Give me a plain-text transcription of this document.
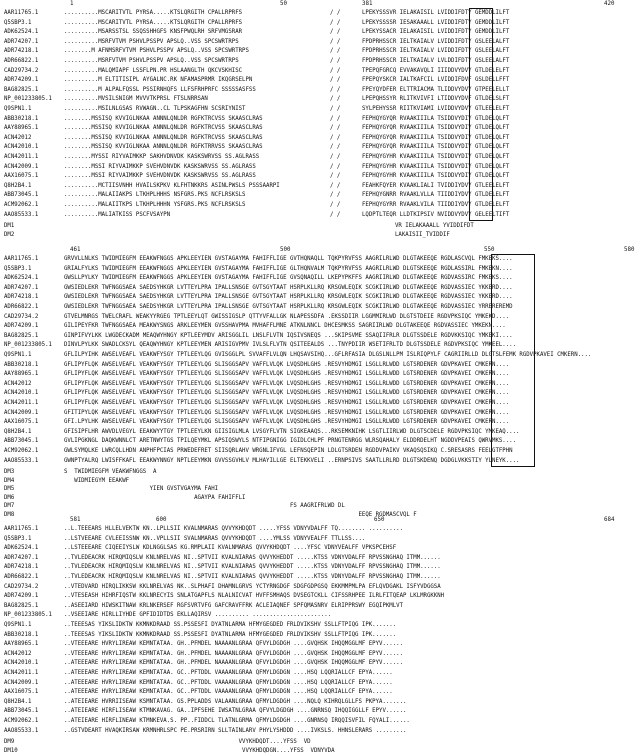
1	50	381	420
AAR11765.1	..........MSCARITVTL PYRSA.....KTSLQRGITH CPALLRPRFS	/ /	LPEKYSSSVR IELAKAISIL LVIDDIFDTY GEMDDLILFT
Q5SBP3.1	..........MSCARITVTL PYRSA.....KTSLQRGITH CPALLRPRFS	/ /	LPEKYSSSSR IESAKAAALL LVIDDIFDTY GEMDDLILFT
ADK62524.1	..........MSARSSTSL SSQSSHHGFS KNSFPWQLRH SRFVMGSRAR	/ /	LPEKYSSACR IELAKAISIL LVIDDIFDTY GEMDDLILFT
ADR74207.1	..........MSRFVTVM PSHVLPSSPV APSLQ..VSS SPCSWRTRPS	/ /	FPDPRHSSCR IELTKAIALV LVIDDIFDTY GSLEELALFT
ADR74218.1	........M AFNMSRFVTVM PSHVLPSSPV APSLQ..VSS SPCSWRTRPS	/ /	FPDPRHSSCR IELTKAIALV LVIDDIFDTY GSLEELALFT
ADR66822.1	..........MSRFVTVM PSHVLPSSPV APSLQ..VSS SPCSWRTRPS	/ /	FPDPRHSSCR IELTKAIALV LVLDDIFDTY GSLEELALFT
CAD29734.2	..........MALQMIAPF LSSFLPN.PR HSLAANGLTH QKCVSKHISC	/ /	TPEPQFGRCQ EVVAKAVQLI IIIDDVYDVY GTLDELELFT
ADR74209.1	..........M ELTITISIPL AYGALNC.RK NFAMASPRMR IKQGRSELPN	/ /	FPEPQYSKCR IALTKAFCIL LVIDDIFDVF GSLDELLFFT
BAG82825.1	..........M ALPALFQSSL PSSIRNHQFS LLFSFRHPRFC SSSSSASFSS	/ /	FPEYQYDFER ELTTRIACMA TLIDDVYDVY GTPEELELLT
NP_001233805.1 ..........MVSILSNIGM MVVVTKPRSL FTSLNRRSAN	/ /	LPEPQHSSYR RLITKVIVFI LTIDDVYDVF GTLDELSLFT
Q9SPN1.1	..........MSILNLGSAS RVWAGN..CL TLPSKAGFHN SCSRIYNIST	/ /	SYLPEHYSSR RIITKVIAMI LVIDDVYDVY GTLEELELFT
ABB30218.1	........MSSISQ KVVIGLNKAA ANNNLQNLDR RGFKTRCVSS SKAASCLRAS	/ /	FEPHQYGYQR RVAAKIIILA TSIDDVYDIY GTLDELQLFT
AAY88965.1	........MSSISQ KVVIGLNKAA ANNNLQNLDR RGFKTRCVSS SKAASCLRAS	/ /	FEPHQYGYQR RVAAKIIILA TSIDDVYDIY GTLDELQLFT
ACN42012	........MSSISQ KVVIGLNKAA ANNNLQNLDR RGFKTRCVSS SKAASCLRAS	/ /	FEPHQYGYQR RVAAKIIILA TSIDDVYDIY GTLDELQLFT
ACN42010.1	........MSSISQ KVVIGLNKAA ANNNLQNLDR RGFKTRRVSS SKAASCLRAS	/ /	FEPHQYGYQR RVAAKIIILA TSIDDVYDIY GTLDELQLFT
ACN42011.1	........MYSSI RIYVAIMKKP SAKHVDNVDK KASKSWRVSS SS.AGLRASS	/ /	FEPHQYGYHR KVAAKIIILA TSIDDVYDIY GTLDELQLFT
ACN42009.1	........MSSI RIYVAIMKKP SVEHVDNVDK KASKSWRVSS SS.AGLRASS	/ /	FEPHQYGYHR KVAAKIIILA TSIDDVYDIY GTLDELQLFT
AAX16075.1	........MSSI RIYVAIMKKP SVEHVDNVDK KASKSWRVSS SS.AGLRASS	/ /	FEPHQYGYHR KVAAKIIILA TSIDDVYDIY GTLDELQLFT
Q8H2B4.1	..........MCTIISVNHH HVAILSKPKV KLFHTNKKRS ASINLPWSLS PSSSAARPI	/ /	FEAHKFQYER KVAAKLIALI TVIDDIYDVY GTLEELELFT
ABB73045.1	..........MALAIIAKPS LTKHPLHHHS NSFGRS.PKS NCFLRSKSLS	/ /	FEPHQYGNRR RVAAKLVLLA TIIDDIYDVY GTLDELELFT
ACM92062.1	..........MALAIITKPS LTKHPLHHHN YSFGRS.PKS NCFLRSKSLS	/ /	FEPHQYGYRR RVAAKLVILA TIIDDIYDVY GTLDELELFT
AAO85533.1	..........MALIATKISS PSCFVSAYPN	/ /	LQDPTLTEQR LLDTKIPSIV NVIDDVYDVY GELEELTIFT
DM1	VR IELAKAAALL YVIDDIFDT
DM2	LAKAISII_TVIDDIF
461	500	550	580
AAR11765.1	GRVVLLNLKS TWIDMIEGFM EEAKWFNGGS APKLEEYIEN GVSTAGAYMA FAHIFFLIGE GVTHQNAQLL TQKPYRVFSS AAGRILRLWD DLGTAKEEQE RGDLASCVQL FMKEKS....
Q5SBP3.1	GRIALFYLKS TWIDMIEGFM EEAKWFNGGS APKLEEYIEN GVSTAGAYMA FAHIFFLIGE GLTHQNVALM TQKPYRVFSS AAGRILRLWD DLGTSKEEQE RGDLASSIRL FMKEKN....
ADK62524.1	GWSLLPYLKY TWIDMIEGFM EEAKWFNGGS APKLEEYIEN GVSTAGAYMA FAHIFFLIGE GVSQNAQILL LKEPYPKFFS AAGRIIRLWD DLGTAKEEQE RGDVASSIRC FMKEKS....
ADR74207.1	GWSIEDLEKR TWFNGGSAEA SAEDSYHKGR LVTTEYLPRA IPALLSNSGE GVTSGYTAAT HSRPLKLLRQ KRSGWLEQIK SCGKIIRLWD DLGTAKEEQE RGDVASSIEC YKKERD....
ADR74218.1	GWSIEDLEKR TWFNGGSAEA SAEDSYHKGR LVTTEYLPRA IPALLSNSGE GVTSGYTAAT HSRPLKLLRQ KRSGWLEQIK SCGKIIRLWD DLGTAKEEQE RGDVASSIEC YKKERD....
ADR66822.1	GWSIEDLEKR TWFNGGSAEA SAEDSYHKGR LVTTEYLPRA IPALLSNSGE GVTSGYTAAT HSRPLKLLRQ KRSGWLEQIK SCGKIIRLWD DLGTAKEEQE RGDVASSIEC YRREREREMD
CAD29734.2	GTVELMNRGS TWELCRAFL WEAKYYRGEG TPTLEEYLQT GWISSIGSLP QTTYVFALLGK NLAPESSDFA .EKSSDIIR LGGMMIRLWD DLGTSTDEIE RGDVPKSIQC YMKEKD....
ADR74209.1	GILIPEYFKR TWFNGGSAEA MEAKWYSNGS ARKLEEYMEN GVSSHAVPMA MVHAFFLMNE ATKNLNNCL DHCESMKSS SAGRIIRLWD DLGTAKEEQE RGDVASSIEC YMKEKN....
BAG82825.1	GINPIFVYLKK LWGDECKADM MEAQWYHNGY KPTLEEYMDV ARISGGLIL LNSLFLVTN IQSIVSNEQS ...SKIPSVME SSAQIIFRLR DLGTSSDELE RGDVKKSIQC YMKEKI....
NP_001233805.1 DINVLPYLKK SWADLCKSYL QEAQWYHNGY KPTLEEYMEN ARISIGVPMV IVLSLFLVTN QSITEEALDS ...TNYPDIIR WSETIFRLTD DLGTSSDELE RGDVPKSIQC YMKEEL....
Q9SPN1.1	GFLILPYIHK AWSELVEAFL VEAKWFYSGY TPTLEEYLQG GVISGGLPL SVVAFFLVLQN LHQSAVSIHQ...GFLRFASIA DLGSLNLLPM ISLRIQPYLF CAGRIIRLLD DLGTSLFEMK RGDVPKAVEI CMKERN....
ABB30218.1	GFLIPYFLQK AWSELVEAFL VEAKWFYSGY TPTLEEYLQG SLISGGSAPV VAFFLVLQK LVQSDHLGHS .RESVYHDMGI LSGLLRLWDD LGTSRDENER GDVPKAVEI CMKERN....
AAY88965.1	GFLIPYFLQK AWSELVEAFL VEAKWFYSGY TPTLEEYLQG SLISGGSAPV VAFFLVLQK LVQSDHLGHS .RESVYHDMGI LSGLLRLWDD LGTSRDENER GDVPKAVEI CMKERN....
ACN42012	GFLIPYFLQK AWSELVEAFL VEAKWFYSGY TPTLEEYLQG SLISGGSAPV VAFFLVLQK LVQSDHLGHS .RESVYHDMGI LSGLLRLWDD LGTSRDENER GDVPKAVEI CMKERN....
ACN42010.1	GFLIPYFLQK AWSELVEAFL VEAKWFYSGY TPTLEEYLQG SLISGGSAPV VAFFLVLQK LVQSDHLGHS .RESVYHDMGI LSGLLRLWDD LGTSRDENER GDVPKAVEI CMKERN....
ACN42011.1	GFLIPYFLQK AWSELVEAFL VEAKWFYSGY TPTLEEYLQG SLISGGSAPV VAFFLVLQK LVQSDHLGHS .RESVYHDMGI LSGLLRLWDD LGTSRDENER GDVPKAVEI CMKERN....
ACN42009.1	GFITIPYLQK AWSELVEAFL VEAKWFYSGY TPTLEEYLQG SLISGGSAPV VAFFLVLQK LVQSDHLGHS .RESVYHDMGI LSGLLRLWDD LGTSRDENER GDVPKAVEI CMKERN....
AAX16075.1	GFI.LPYLHK AWSELVEAFL VEAKWFYSGY TPTLEEYLQG SLISGGSAPV VAFFLVLQK LVQSDHLGHS .RESVYHDMGI LSGLLRLWDD LGTSRDENER GDVPKAVEI CMKERN....
Q8H2B4.1	GFISIPFLHR AWVDLVEGYL EEAKWYYTGY TPTLEEYLKN GIISIGLMLA LVSGYFLVTN SIGKEAAQS...RKSEMKNIHK LSGTLIIRLWD DLGTSCDELE RGDVPKSIQC YMKEAQ....
ABB73045.1	GVLIPGKNGL DAQKWNNLCT ARETNWYTGS TPILQEYMKL APSIQSWYLS NTFIPGNIGG IGIDLCHLPF PRNGTENRGG WLRSQAHALY ELDDRDELHT NGDDVPEAIS QWRVMKS....
ACM92062.1	GWLSYMQLKE LWRCQLLHDN ANPHFPCIAS PRWEDEFRET SIISQRLAHV WRGNLIFVGL LEFNSQEPIN LDLGTSRDEN RGDDVPAIKV VKAQSQSIKQ C.SRESASRS FEELGTFPHN
AAO85533.1	GWNPTYALRQ LWISFFKAFL EEAKWYNNGY NPTLEEYMKN GVVSSGVHLV MLHAYILLGE ELTEKKVELI ..ERNPSIVS SAATLLRLRD DLGTSKDENQ DGDGLVKKSTIY YLNEYK....
DM3	S  TWIDMIEGFM VEAKWFNGGS  A
DM4	WIDMIEGYM EEAKWF
DM5	YIEN GVSTVGAYMA FAHI
DM6	AGAYPA FAHIFFLI
DM7	FS AAGRIFRLWD DL
DM8	EEQE RGDMASCVQL F
581	600	650	684
AAR11765.1	..L.TEEEARS HLLELVEKTW KN..LPLLSII KVALNMARAS QVVYKHDQDT .....YFSS VDNYVDALFF TQ........ ..........
Q5SBP3.1	..LSTVEEARE CVLEEISSNW KN..VPLLSII SVALNMARAS QVVYKHDQDT ....YMLSS VDNYVEALFF TTLLSS....
ADK62524.1	..LSTEEEARE CIQEEIYSLW KDLNGGLSAS KG.RMPLAII KVALNMARAS QVVYKHDQDT ....YFSC VDNYVEALFF VPKSPCEHSF
ADR74207.1	..TVLEDEACRK HIRQMIQSLW KNLNRELVAS NI..SPTVII KVALNIARAS QVVYKHEDDT .....KTSS VDNYVDALFF RPVSSNGHAQ ITMM......
ADR74218.1	..TVLEDEACRK HIRQMIQSLW KNLNRELVAS NI..SPTVII KVALNIARAS QVVYKHEDDT .....KTSS VDNYVDALFF RPVSSNGHAQ ITMM......
ADR66822.1	..TVLEDEACRK HIRQMIQSLW KNLNRELVAS NI..SPTVII KVALNIARAS QVVYKHEDDT .....KTSS VDNYVDALFF RPVSSNGHAQ ITMM......
CAD29734.2	..VTEDVARD HIRQLIKKSW KKLNRELVAS NK..SLPHAFI DHAMNLGRVS YCTYRNGDGF SDGFGDPGSQ EKKMMPMLPA EFLQVDGAKL ISFYVDGGSA
ADR74209.1	..VTESEASH HIHRFIQSTW KKLNRECYIS SNLATGAPFLS NLALNICVAT HVFFSMHAQS DVSEGTCKLL CIFSSRHPEE ILRLFITQEAP LKLMRGKKNH
BAG82825.1	..ASEEIARD HIWSKITNAW KRLNKERSEF RGFSVRTVFG GAFCRAVFFRK ACLEIAQNEF SPFQMASNRV ELRIPPRSWY EGQIPKMLVT
NP_001233805.1 ..VSEEIARE HIRLLIYHDE GPFIDIDTDS EKLLAQIRSV .......... .......................
Q9SPN1.1	..TEEESAS YIKSLIDKTW KKMNKDRAAD SS.PSSESFI DYATNLARMA HFMYGEGDED FRLDVIKSHV SSLLFTPIQG IPK.......
ABB30218.1	..TEEESAS YIKSLIDKTW KKMNKDRAAD SS.PSSESFI DYATNLARMA HFMYGEGDED FRLDVIKSHV SSLLFTPIQG IPK.......
AAY88965.1	..VTEEEARE HVRYLIREAW KEMNTATAA. GH..PFMDEL NAAAANLGRAA QFVYLDGDGH ....GVQHSK IHQQMGGLMF EPYV......
ACN42012	..VTEEEARE HVRYLIREAW KEMNTATAA. GH..PFMDEL NAAAANLGRAA QFVYLDGDGH ....GVQHSK IHQQMGGLMF EPYV......
ACN42010.1	..ATEEEARE HVRYLIREAW KEMNTATAA. GH..PFMDEL NAAAANLGRAA QFVYLDGDGH ....GVQHSK IHQQMGGLMF EPYV......
ACN42011.1	..ATEEEARE HVRYLIREAW KEMNTATAA. GC..PFTDDL VAAAANLGRAA QFMYLDGDGN ....HSQ LQQRIALLCF EPYA......
ACN42009.1	..ATEEEARE HVRYLIREAW KEMNTATAA. GC..PFTDDL VAAAANLGRAA QFMYLDGDGN ....HSQ LQQRIALLCF EPYA......
AAX16075.1	..ATEEEARE HVRYLIREAW KEMNTATAA. GC..PFTDDL VAAAANLGRAA QFMYLDGDGN ....HSQ LQQRIALLCF EPYA......
Q8H2B4.1	..ATEIEARE HVRRIISEAW KSMNTATAA. GS.PPLADDS VALAANLGRAA QFMYLDGDGH ....NQLQ KIHRQLGLLFS PKPYA.......
ABB73045.1	..ATEIEARE HIRFLISEAW KTMNKAVAG. GA..IPFSEHE IWSATNLGRAA QFVYLDGDGH ....GNRNSQ IHQQIGGLLF EPYV......
ACM92062.1	..ATEIEARE HIRFLINEAW KTMNKEVA.S. PP..FIDDCL TLATNLGRMA QFMYLDGDGH ....GNRNSQ IRQQISVFIL FQYALI......
AAO85533.1	..GSTVDEART HVAQKIRSAW KRMNHRLSPC PE.PRSRIRN SLLTAINLARV PHYLYSHDDD ....IVKSLS. HHNSLERARS .........
DM9	VVYKHDQDT....YFSS  VD
DM10	VVYKHDQDGN....YFSS  VDNYVDA
